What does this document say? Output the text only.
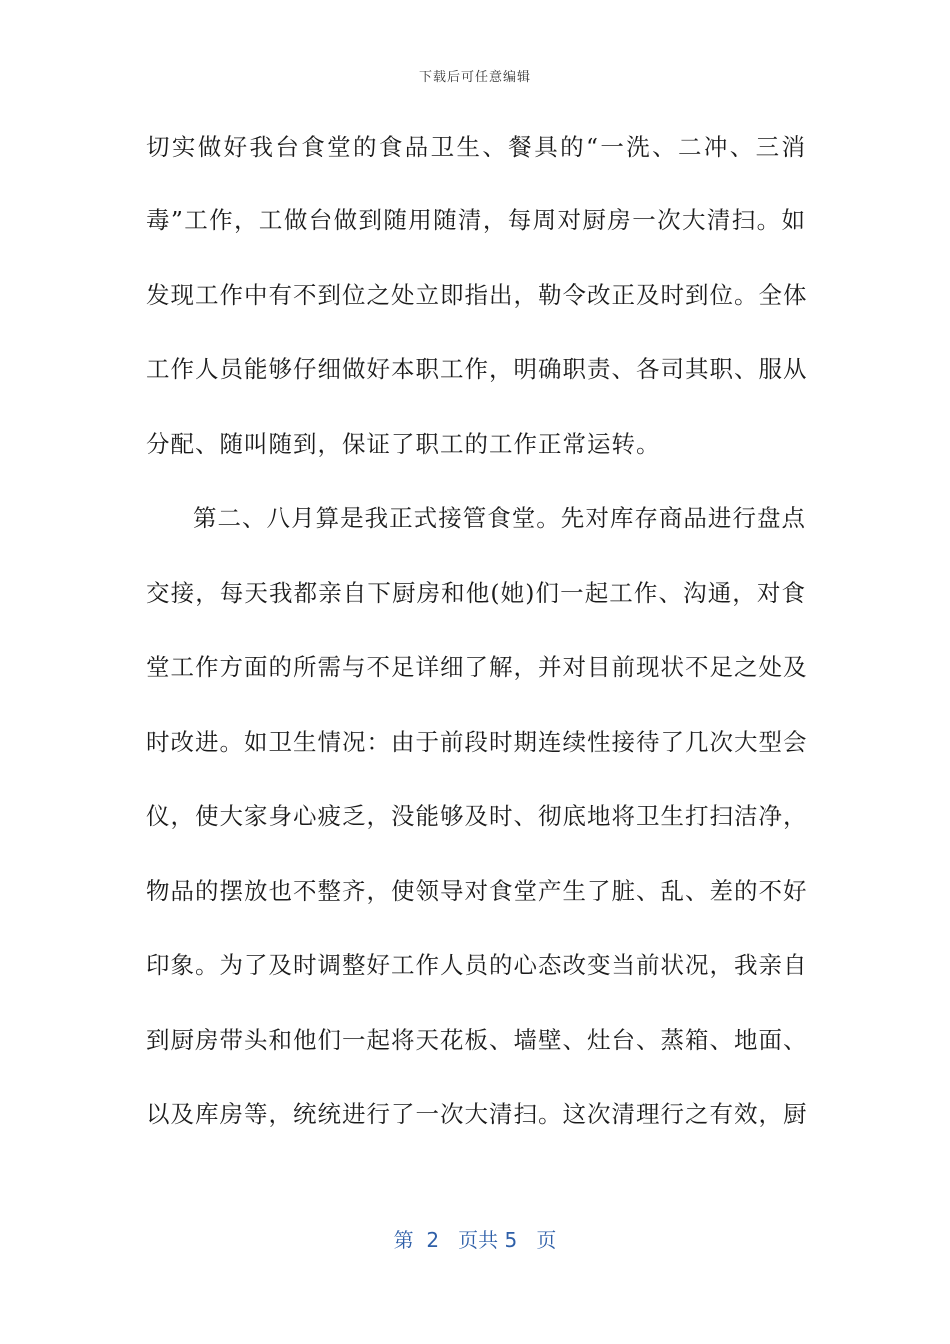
下载后可任意编辑
切实做好我台食堂的食品卫生、餐具的“一洗、二冲、三消
毒”工作，工做台做到随用随清，每周对厨房一次大清扫。如
发现工作中有不到位之处立即指出，勒令改正及时到位。全体
工作人员能够仔细做好本职工作，明确职责、各司其职、服从
分配、随叫随到，保证了职工的工作正常运转。
第二、八月算是我正式接管食堂。先对库存商品进行盘点
交接，每天我都亲自下厨房和他(她)们一起工作、沟通，对食
堂工作方面的所需与不足详细了解，并对目前现状不足之处及
时改进。如卫生情况：由于前段时期连续性接待了几次大型会
仪，使大家身心疲乏，没能够及时、彻底地将卫生打扫洁净，
物品的摆放也不整齐，使领导对食堂产生了脏、乱、差的不好
印象。为了及时调整好工作人员的心态改变当前状况，我亲自
到厨房带头和他们一起将天花板、墙壁、灶台、蒸箱、地面、
以及库房等，统统进行了一次大清扫。这次清理行之有效，厨
第  2   页共 5   页
